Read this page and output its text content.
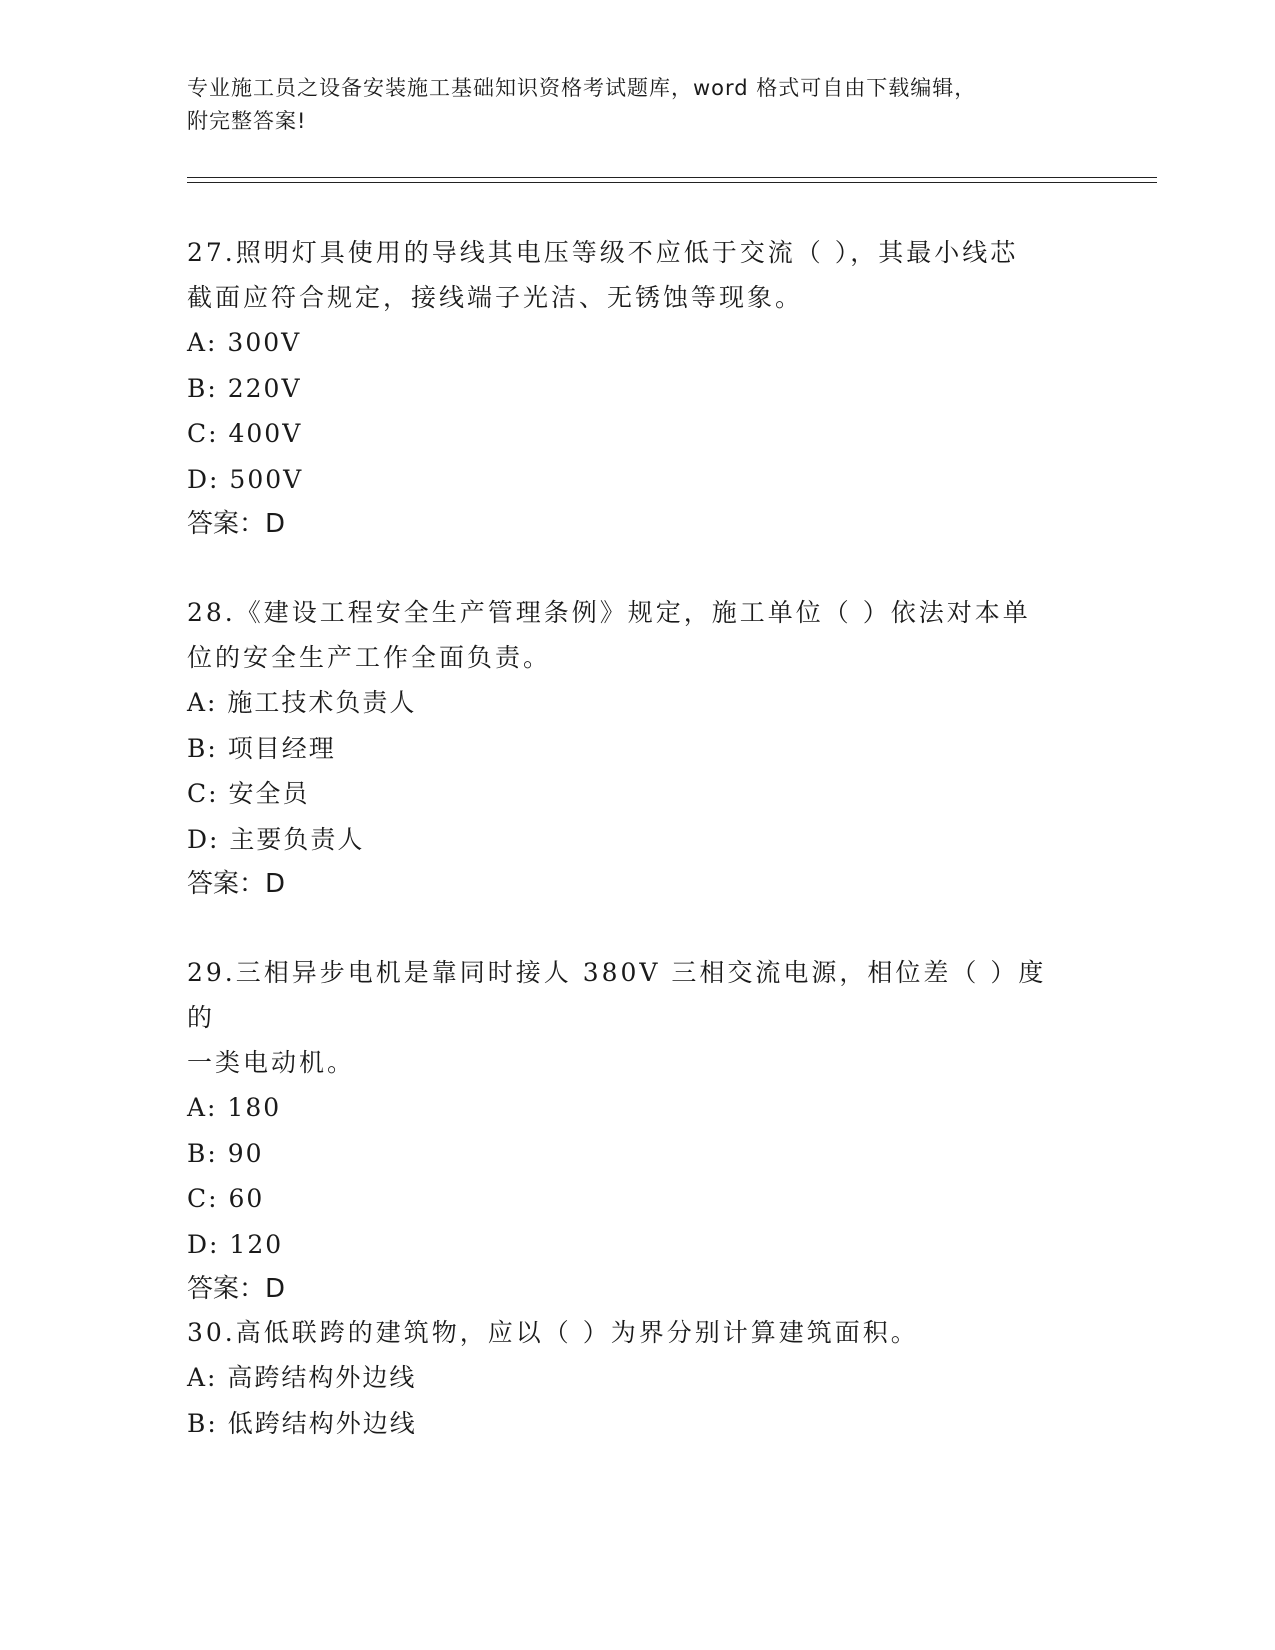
专业施工员之设备安装施工基础知识资格考试题库，word 格式可自由下载编辑，
附完整答案!
27.照明灯具使用的导线其电压等级不应低于交流（ ），其最小线芯
截面应符合规定，接线端子光洁、无锈蚀等现象。
A: 300V
B: 220V
C: 400V
D: 500V
答案：D
28.《建设工程安全生产管理条例》规定，施工单位（ ）依法对本单
位的安全生产工作全面负责。
A: 施工技术负责人
B: 项目经理
C: 安全员
D: 主要负责人
答案：D
29.三相异步电机是靠同时接人 380V 三相交流电源，相位差（ ）度的
一类电动机。
A: 180
B: 90
C: 60
D: 120
答案：D
30.高低联跨的建筑物，应以（ ）为界分别计算建筑面积。
A: 高跨结构外边线
B: 低跨结构外边线
